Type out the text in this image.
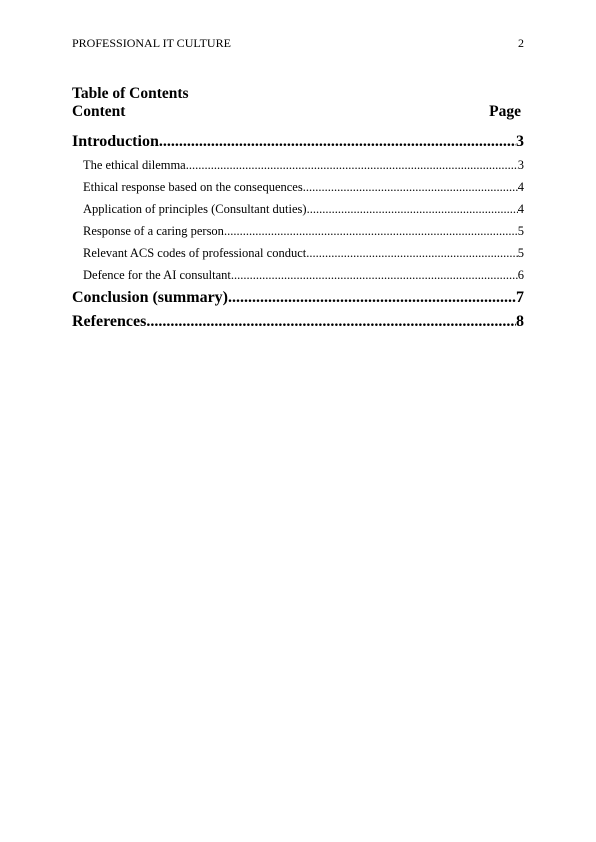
PROFESSIONAL IT CULTURE	2
Table of Contents
Content	Page
Introduction .....	3
The ethical dilemma .....	3
Ethical response based on the consequences .....	4
Application of principles (Consultant duties) .....	4
Response of a caring person .....	5
Relevant ACS codes of professional conduct .....	5
Defence for the AI consultant .....	6
Conclusion (summary) .....	7
References .....	8
